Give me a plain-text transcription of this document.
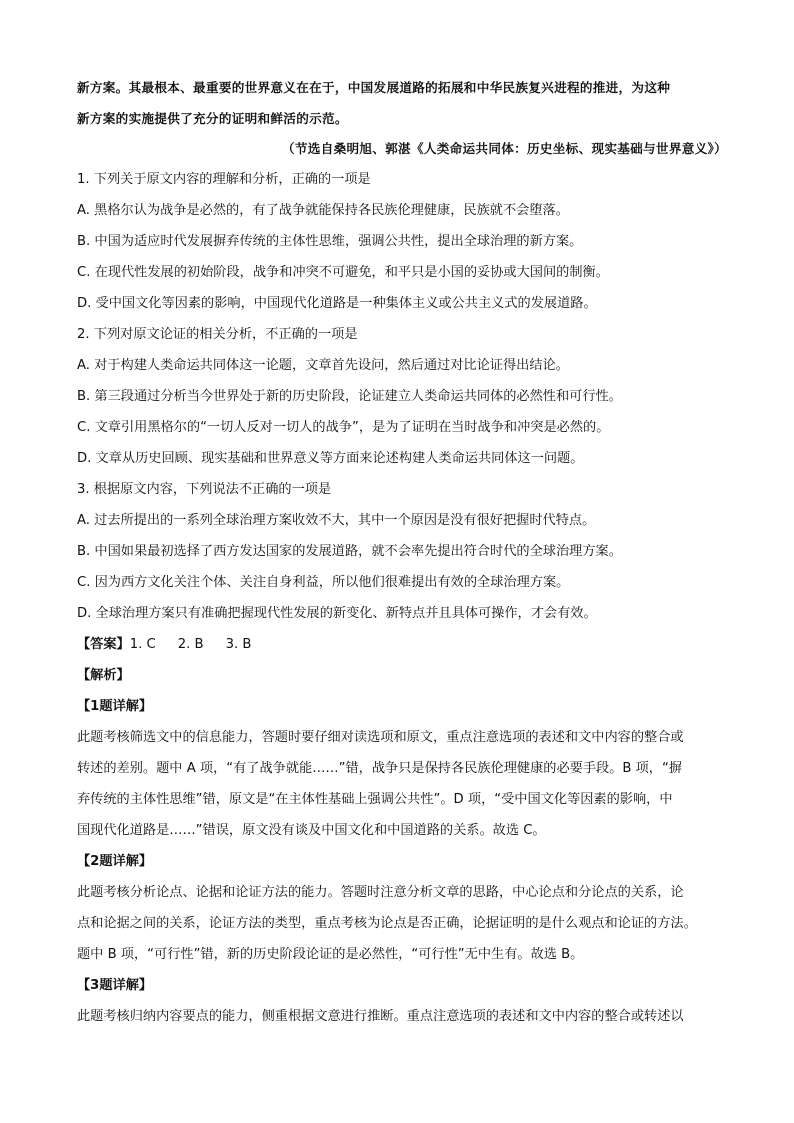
新方案。其最根本、最重要的世界意义在在于，中国发展道路的拓展和中华民族复兴进程的推进，为这种
新方案的实施提供了充分的证明和鲜活的示范。
（节选自桑明旭、郭湛《人类命运共同体：历史坐标、现实基础与世界意义》）
1. 下列关于原文内容的理解和分析，正确的一项是
A. 黑格尔认为战争是必然的，有了战争就能保持各民族伦理健康，民族就不会堕落。
B. 中国为适应时代发展摒弃传统的主体性思维，强调公共性，提出全球治理的新方案。
C. 在现代性发展的初始阶段，战争和冲突不可避免，和平只是小国的妥协或大国间的制衡。
D. 受中国文化等因素的影响，中国现代化道路是一种集体主义或公共主义式的发展道路。
2. 下列对原文论证的相关分析，不正确的一项是
A. 对于构建人类命运共同体这一论题，文章首先设问，然后通过对比论证得出结论。
B. 第三段通过分析当今世界处于新的历史阶段，论证建立人类命运共同体的必然性和可行性。
C. 文章引用黑格尔的“一切人反对一切人的战争”，是为了证明在当时战争和冲突是必然的。
D. 文章从历史回顾、现实基础和世界意义等方面来论述构建人类命运共同体这一问题。
3. 根据原文内容，下列说法不正确的一项是
A. 过去所提出的一系列全球治理方案收效不大，其中一个原因是没有很好把握时代特点。
B. 中国如果最初选择了西方发达国家的发展道路，就不会率先提出符合时代的全球治理方案。
C. 因为西方文化关注个体、关注自身利益，所以他们很难提出有效的全球治理方案。
D. 全球治理方案只有准确把握现代性发展的新变化、新特点并且具体可操作，才会有效。
【答案】1. C 2. B 3. B
【解析】
【1题详解】
此题考核筛选文中的信息能力，答题时要仔细对读选项和原文，重点注意选项的表述和文中内容的整合或
转述的差别。题中 A 项，“有了战争就能……”错，战争只是保持各民族伦理健康的必要手段。B 项，“摒
弃传统的主体性思维”错，原文是“在主体性基础上强调公共性”。D 项，“受中国文化等因素的影响，中
国现代化道路是……”错误，原文没有谈及中国文化和中国道路的关系。故选 C。
【2题详解】
此题考核分析论点、论据和论证方法的能力。答题时注意分析文章的思路，中心论点和分论点的关系，论
点和论据之间的关系，论证方法的类型，重点考核为论点是否正确，论据证明的是什么观点和论证的方法。
题中 B 项，“可行性”错，新的历史阶段论证的是必然性，“可行性”无中生有。故选 B。
【3题详解】
此题考核归纳内容要点的能力，侧重根据文意进行推断。重点注意选项的表述和文中内容的整合或转述以
